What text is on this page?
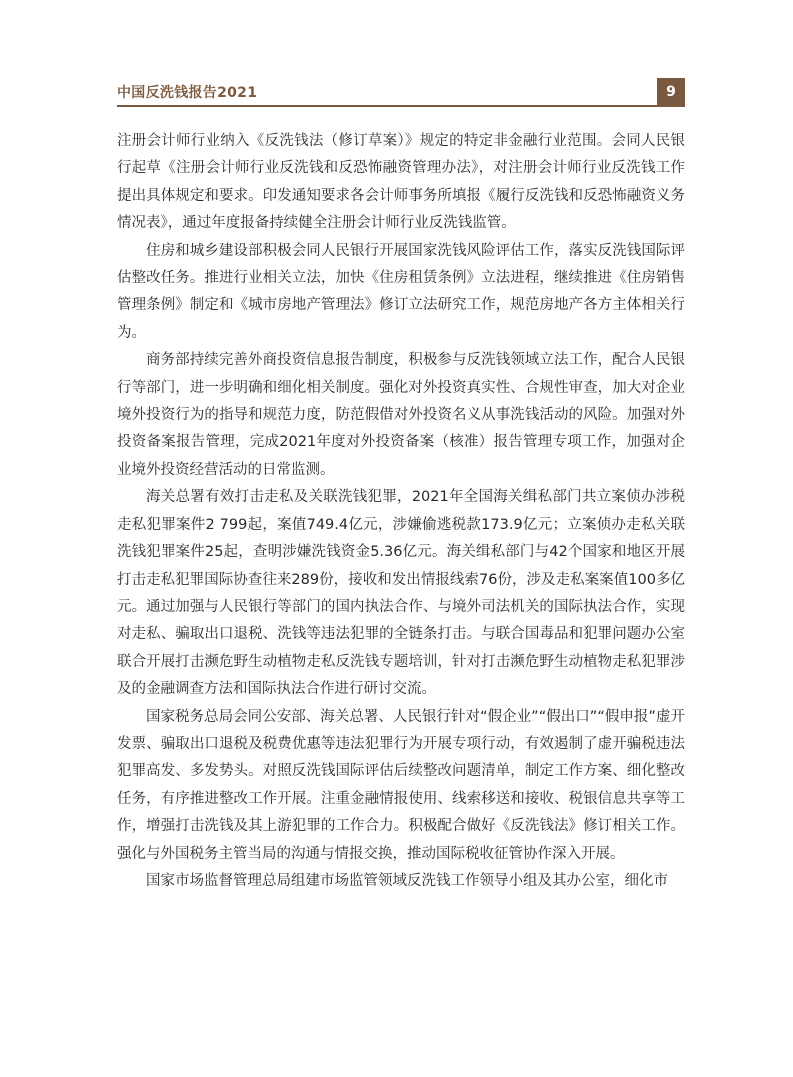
中国反洗钱报告2021	9

注册会计师行业纳入《反洗钱法（修订草案）》规定的特定非金融行业范围。会同人民银行起草《注册会计师行业反洗钱和反恐怖融资管理办法》，对注册会计师行业反洗钱工作提出具体规定和要求。印发通知要求各会计师事务所填报《履行反洗钱和反恐怖融资义务情况表》，通过年度报备持续健全注册会计师行业反洗钱监管。

住房和城乡建设部积极会同人民银行开展国家洗钱风险评估工作，落实反洗钱国际评估整改任务。推进行业相关立法，加快《住房租赁条例》立法进程，继续推进《住房销售管理条例》制定和《城市房地产管理法》修订立法研究工作，规范房地产各方主体相关行为。

商务部持续完善外商投资信息报告制度，积极参与反洗钱领域立法工作，配合人民银行等部门，进一步明确和细化相关制度。强化对外投资真实性、合规性审查，加大对企业境外投资行为的指导和规范力度，防范假借对外投资名义从事洗钱活动的风险。加强对外投资备案报告管理，完成2021年度对外投资备案（核准）报告管理专项工作，加强对企业境外投资经营活动的日常监测。

海关总署有效打击走私及关联洗钱犯罪，2021年全国海关缉私部门共立案侦办涉税走私犯罪案件2 799起，案值749.4亿元，涉嫌偷逃税款173.9亿元；立案侦办走私关联洗钱犯罪案件25起，查明涉嫌洗钱资金5.36亿元。海关缉私部门与42个国家和地区开展打击走私犯罪国际协查往来289份，接收和发出情报线索76份，涉及走私案案值100多亿元。通过加强与人民银行等部门的国内执法合作、与境外司法机关的国际执法合作，实现对走私、骗取出口退税、洗钱等违法犯罪的全链条打击。与联合国毒品和犯罪问题办公室联合开展打击濒危野生动植物走私反洗钱专题培训，针对打击濒危野生动植物走私犯罪涉及的金融调查方法和国际执法合作进行研讨交流。

国家税务总局会同公安部、海关总署、人民银行针对“假企业”“假出口”“假申报”虚开发票、骗取出口退税及税费优惠等违法犯罪行为开展专项行动，有效遏制了虚开骗税违法犯罪高发、多发势头。对照反洗钱国际评估后续整改问题清单，制定工作方案、细化整改任务，有序推进整改工作开展。注重金融情报使用、线索移送和接收、税银信息共享等工作，增强打击洗钱及其上游犯罪的工作合力。积极配合做好《反洗钱法》修订相关工作。强化与外国税务主管当局的沟通与情报交换，推动国际税收征管协作深入开展。

国家市场监督管理总局组建市场监管领域反洗钱工作领导小组及其办公室，细化市
